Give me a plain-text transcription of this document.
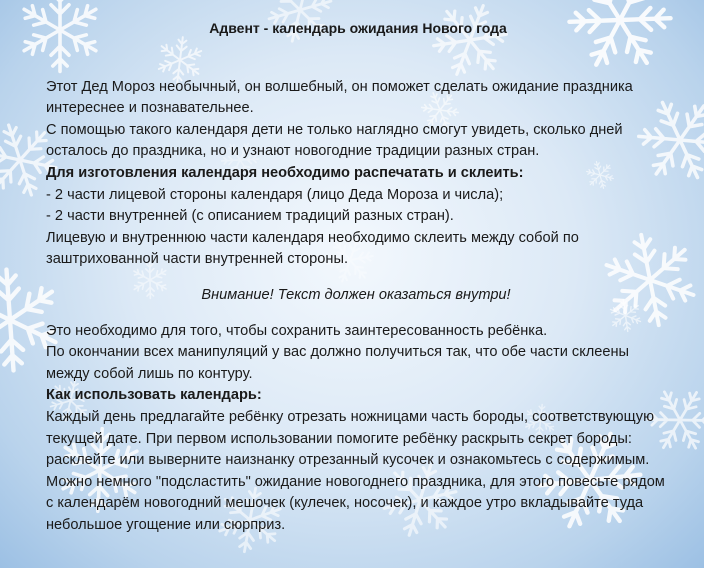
Адвент - календарь ожидания Нового года

Этот Дед Мороз необычный, он волшебный, он поможет сделать ожидание праздника интереснее и познавательнее.

С помощью такого календаря дети не только наглядно смогут увидеть, сколько дней осталось до праздника, но и узнают новогодние традиции разных стран.

Для изготовления календаря необходимо распечатать и склеить:

- 2 части лицевой стороны календаря (лицо Деда Мороза и числа);

- 2 части внутренней (с описанием традиций разных стран).

Лицевую и внутреннюю части календаря необходимо склеить между собой по заштрихованной части внутренней стороны.

Внимание! Текст должен оказаться внутри!

Это необходимо для того, чтобы сохранить заинтересованность ребёнка.

По окончании всех манипуляций у вас должно получиться так, что обе части склеены между собой лишь по контуру.

Как использовать календарь:

Каждый день предлагайте ребёнку отрезать ножницами часть бороды, соответствующую текущей дате. При первом использовании помогите ребёнку раскрыть секрет бороды: расклейте или выверните наизнанку отрезанный кусочек и ознакомьтесь с содержимым.

Можно немного "подсластить" ожидание новогоднего праздника, для этого повесьте рядом с календарём новогодний мешочек (кулечек, носочек), и каждое утро вкладывайте туда небольшое угощение или сюрприз.
